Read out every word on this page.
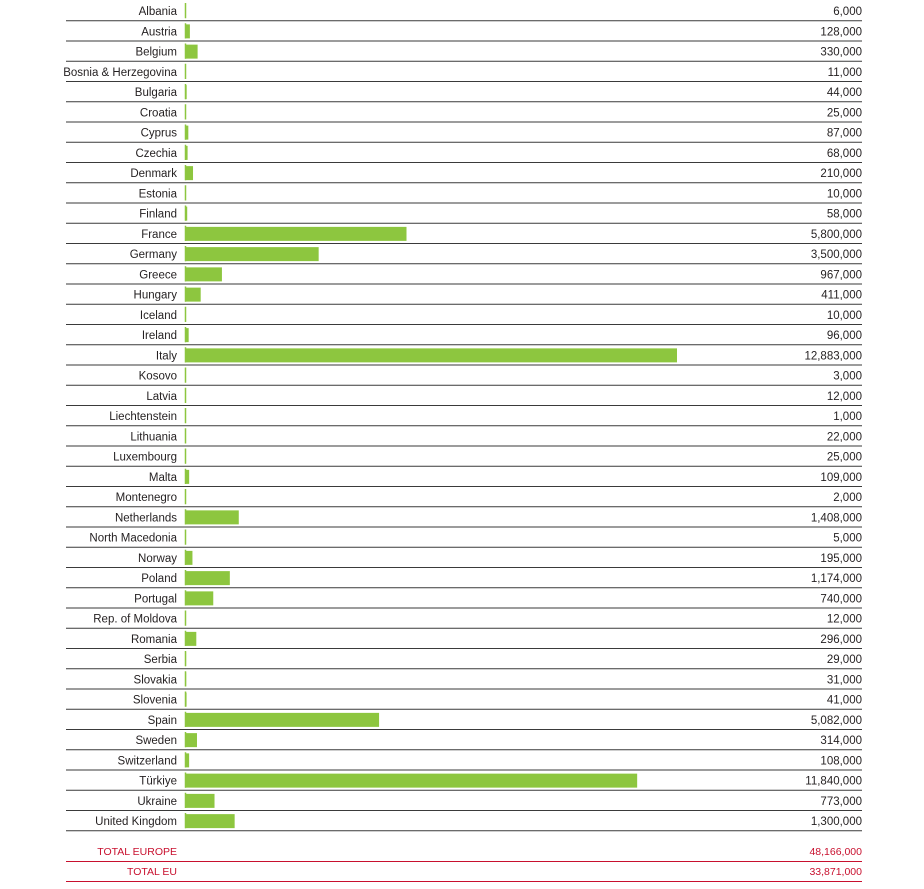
Albania	6,000
Austria	128,000
Belgium	330,000
Bosnia & Herzegovina	11,000
Bulgaria	44,000
Croatia	25,000
Cyprus	87,000
Czechia	68,000
Denmark	210,000
Estonia	10,000
Finland	58,000
France	5,800,000
Germany	3,500,000
Greece	967,000
Hungary	411,000
Iceland	10,000
Ireland	96,000
Italy	12,883,000
Kosovo	3,000
Latvia	12,000
Liechtenstein	1,000
Lithuania	22,000
Luxembourg	25,000
Malta	109,000
Montenegro	2,000
Netherlands	1,408,000
North Macedonia	5,000
Norway	195,000
Poland	1,174,000
Portugal	740,000
Rep. of Moldova	12,000
Romania	296,000
Serbia	29,000
Slovakia	31,000
Slovenia	41,000
Spain	5,082,000
Sweden	314,000
Switzerland	108,000
Türkiye	11,840,000
Ukraine	773,000
United Kingdom	1,300,000
TOTAL EUROPE	48,166,000
TOTAL EU	33,871,000
